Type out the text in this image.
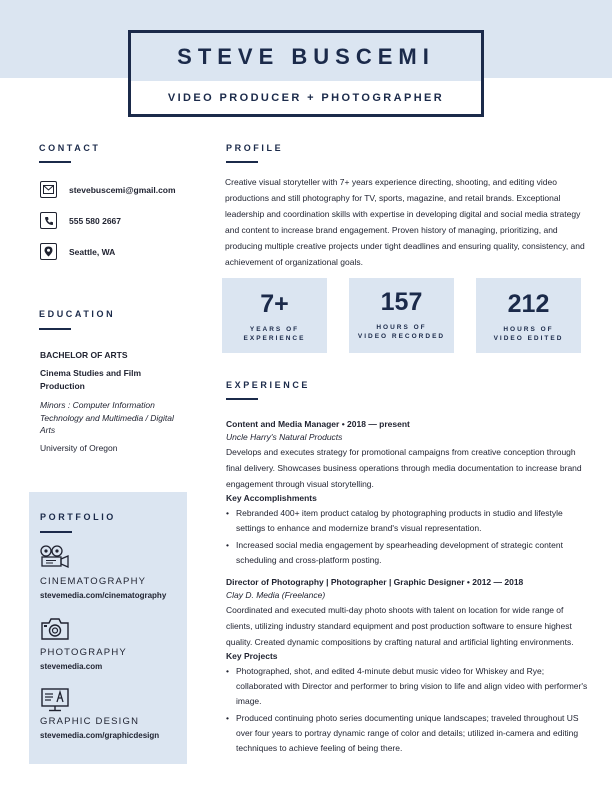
STEVE BUSCEMI
VIDEO PRODUCER + PHOTOGRAPHER
CONTACT
stevebuscemi@gmail.com
555 580 2667
Seattle, WA
EDUCATION
BACHELOR OF ARTS
Cinema Studies and Film Production
Minors : Computer Information Technology and Multimedia / Digital Arts
University of Oregon
PORTFOLIO
CINEMATOGRAPHY
stevemedia.com/cinematography
PHOTOGRAPHY
stevemedia.com
GRAPHIC DESIGN
stevemedia.com/graphicdesign
PROFILE
Creative visual storyteller with 7+ years experience directing, shooting, and editing video productions and still photography for TV, sports, magazine, and retail brands. Exceptional leadership and coordination skills with expertise in developing digital and social media strategy and content to increase brand engagement. Proven history of managing, prioritizing, and producing multiple creative projects under tight deadlines and ensuring quality, consistency, and achievement of organizational goals.
7+
YEARS OF
EXPERIENCE
157
HOURS OF
VIDEO RECORDED
212
HOURS OF
VIDEO EDITED
EXPERIENCE
Content and Media Manager • 2018 — present
Uncle Harry's Natural Products
Develops and executes strategy for promotional campaigns from creative conception through final delivery. Showcases business operations through media documentation to increase brand engagement through visual storytelling.
Key Accomplishments
• Rebranded 400+ item product catalog by photographing products in studio and lifestyle settings to enhance and modernize brand's visual representation.
• Increased social media engagement by spearheading development of strategic content scheduling and cross-platform posting.
Director of Photography | Photographer | Graphic Designer • 2012 — 2018
Clay D. Media (Freelance)
Coordinated and executed multi-day photo shoots with talent on location for wide range of clients, utilizing industry standard equipment and post production software to ensure highest quality. Created dynamic compositions by crafting natural and artificial lighting environments.
Key Projects
• Photographed, shot, and edited 4-minute debut music video for Whiskey and Rye; collaborated with Director and performer to bring vision to life and align video with performer's image.
• Produced continuing photo series documenting unique landscapes; traveled throughout US over four years to portray dynamic range of color and details; utilized in-camera and editing techniques to achieve feeling of being there.
